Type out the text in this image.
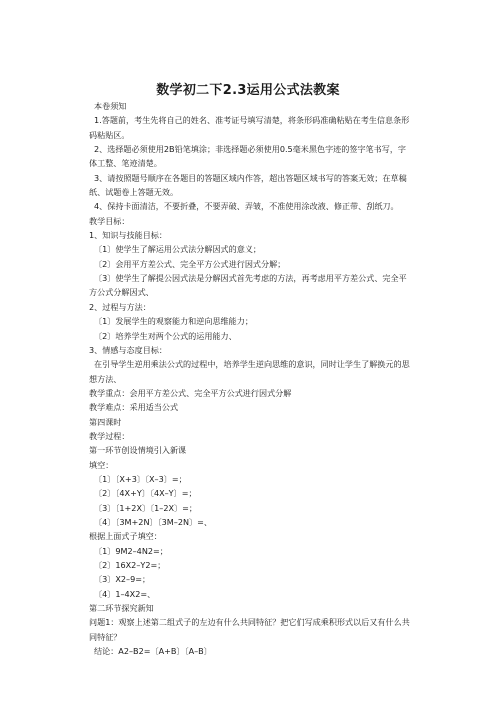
数学初二下2.3运用公式法教案

本卷须知

1.答题前，考生先将自己的姓名、准考证号填写清楚，将条形码准确粘贴在考生信息条形码粘贴区。

2、选择题必须使用2B铅笔填涂；非选择题必须使用0.5毫米黑色字迹的签字笔书写，字体工整、笔迹清楚。

3、请按照题号顺序在各题目的答题区域内作答，超出答题区域书写的答案无效；在草稿纸、试题卷上答题无效。

4、保持卡面清洁，不要折叠，不要弄破、弄皱，不准使用涂改液、修正带、刮纸刀。

教学目标：

1、知识与技能目标：

〔1〕使学生了解运用公式法分解因式的意义；

〔2〕会用平方差公式、完全平方公式进行因式分解；

〔3〕使学生了解提公因式法是分解因式首先考虑的方法，再考虑用平方差公式、完全平方公式分解因式、

2、过程与方法：

〔1〕发展学生的观察能力和逆向思维能力；

〔2〕培养学生对两个公式的运用能力、

3、情感与态度目标：

在引导学生逆用乘法公式的过程中，培养学生逆向思维的意识，同时让学生了解换元的思想方法、

教学重点：会用平方差公式、完全平方公式进行因式分解

教学难点：采用适当公式

第四课时

教学过程：

第一环节创设情境引入新课

填空：

〔1〕〔X+3〕〔X–3〕=；

〔2〕〔4X+Y〕〔4X–Y〕=；

〔3〕〔1+2X〕〔1–2X〕=；

〔4〕〔3M+2N〕〔3M–2N〕=、

根据上面式子填空：

〔1〕9M2–4N2=；

〔2〕16X2–Y2=；

〔3〕X2–9=；

〔4〕1–4X2=、

第二环节探究新知

问题1：观察上述第二组式子的左边有什么共同特征？把它们写成乘积形式以后又有什么共同特征？

结论：A2–B2=〔A+B〕〔A–B〕
